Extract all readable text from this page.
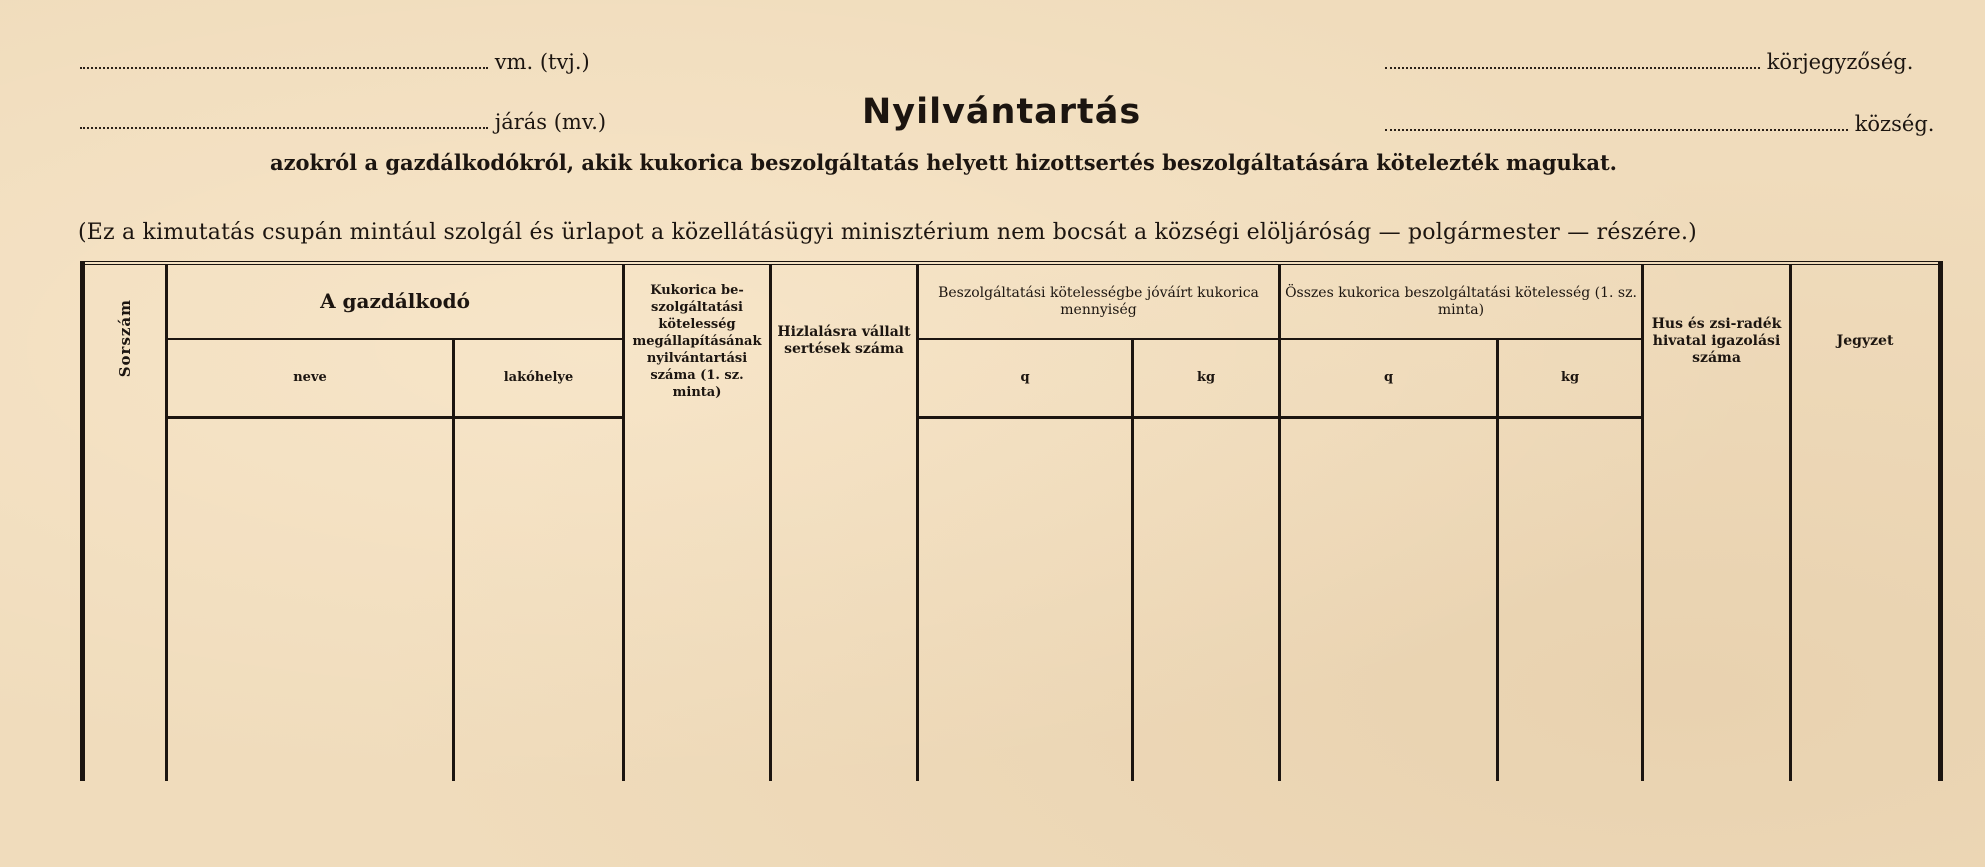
vm. (tvj.)
járás (mv.)
körjegyzőség.
község.
Nyilvántartás
azokról a gazdálkodókról, akik kukorica beszolgáltatás helyett hizottsertés beszolgáltatására kötelezték magukat.
(Ez a kimutatás csupán mintául szolgál és ürlapot a közellátásügyi minisztérium nem bocsát a községi elöljáróság — polgármester — részére.)
Sorszám	A gazdálkodó		Kukorica be-szolgáltatási kötelesség megállapításának nyilvántartási száma (1. sz. minta)	Hizlalásra vállalt sertések száma	Beszolgáltatási kötelességbe jóváírt kukorica mennyiség		Összes kukorica beszolgáltatási kötelesség (1. sz. minta)		Hus és zsi-radék hivatal igazolási száma	Jegyzet
	neve	lakóhelye			q	kg	q	kg		
